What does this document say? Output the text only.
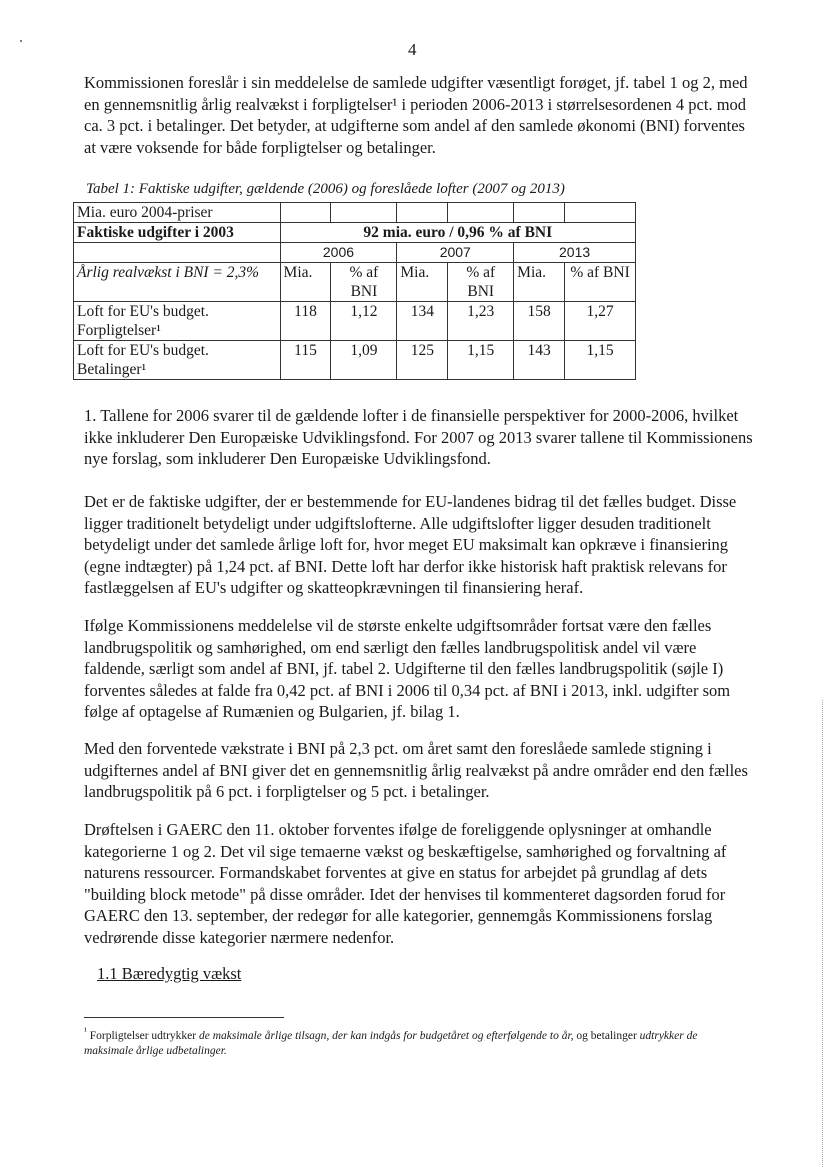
4

Kommissionen foreslår i sin meddelelse de samlede udgifter væsentligt forøget, jf. tabel 1 og 2, med en gennemsnitlig årlig realvækst i forpligtelser¹ i perioden 2006-2013 i størrelsesordenen 4 pct. mod ca. 3 pct. i betalinger. Det betyder, at udgifterne som andel af den samlede økonomi (BNI) forventes at være voksende for både forpligtelser og betalinger.

Tabel 1: Faktiske udgifter, gældende (2006) og foreslåede lofter (2007 og 2013)
Mia. euro 2004-priser						
Faktiske udgifter i 2003	92 mia. euro / 0,96 % af BNI					
	2006		2007		2013	
Årlig realvækst i BNI = 2,3%	Mia.	% af BNI	Mia.	% af BNI	Mia.	% af BNI
Loft for EU's budget. Forpligtelser¹	118	1,12	134	1,23	158	1,27
Loft for EU's budget. Betalinger¹	115	1,09	125	1,15	143	1,15

1. Tallene for 2006 svarer til de gældende lofter i de finansielle perspektiver for 2000-2006, hvilket ikke inkluderer Den Europæiske Udviklingsfond. For 2007 og 2013 svarer tallene til Kommissionens nye forslag, som inkluderer Den Europæiske Udviklingsfond.

Det er de faktiske udgifter, der er bestemmende for EU-landenes bidrag til det fælles budget. Disse ligger traditionelt betydeligt under udgiftslofterne. Alle udgiftslofter ligger desuden traditionelt betydeligt under det samlede årlige loft for, hvor meget EU maksimalt kan opkræve i finansiering (egne indtægter) på 1,24 pct. af BNI. Dette loft har derfor ikke historisk haft praktisk relevans for fastlæggelsen af EU's udgifter og skatteopkrævningen til finansiering heraf.

Ifølge Kommissionens meddelelse vil de største enkelte udgiftsområder fortsat være den fælles landbrugspolitik og samhørighed, om end særligt den fælles landbrugspolitisk andel vil være faldende, særligt som andel af BNI, jf. tabel 2. Udgifterne til den fælles landbrugspolitik (søjle I) forventes således at falde fra 0,42 pct. af BNI i 2006 til 0,34 pct. af BNI i 2013, inkl. udgifter som følge af optagelse af Rumænien og Bulgarien, jf. bilag 1.

Med den forventede vækstrate i BNI på 2,3 pct. om året samt den foreslåede samlede stigning i udgifternes andel af BNI giver det en gennemsnitlig årlig realvækst på andre områder end den fælles landbrugspolitik på 6 pct. i forpligtelser og 5 pct. i betalinger.

Drøftelsen i GAERC den 11. oktober forventes ifølge de foreliggende oplysninger at omhandle kategorierne 1 og 2. Det vil sige temaerne vækst og beskæftigelse, samhørighed og forvaltning af naturens ressourcer. Formandskabet forventes at give en status for arbejdet på grundlag af dets "building block metode" på disse områder. Idet der henvises til kommenteret dagsorden forud for GAERC den 13. september, der redegør for alle kategorier, gennemgås Kommissionens forslag vedrørende disse kategorier nærmere nedenfor.

1.1 Bæredygtig vækst
$^{^1}$ Forpligtelser udtrykker de maksimale årlige tilsagn, der kan indgås for budgetåret og efterfølgende to år, og betalinger udtrykker de maksimale årlige udbetalinger.
